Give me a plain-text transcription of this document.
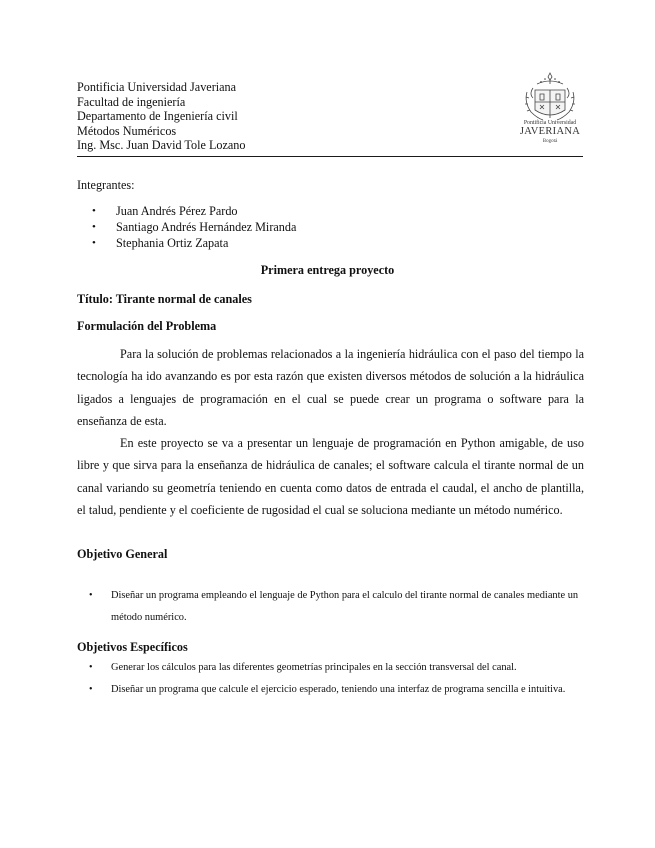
Pontificia Universidad Javeriana
Facultad de ingeniería
Departamento de Ingeniería civil
Métodos Numéricos
Ing. Msc. Juan David Tole Lozano
Pontificia Universidad
JAVERIANA
Bogotá
Integrantes:
• Juan Andrés Pérez Pardo
• Santiago Andrés Hernández Miranda
• Stephania Ortiz Zapata
Primera entrega proyecto
Título: Tirante normal de canales
Formulación del Problema

Para la solución de problemas relacionados a la ingeniería hidráulica con el paso del tiempo la tecnología ha ido avanzando es por esta razón que existen diversos métodos de solución a la hidráulica ligados a lenguajes de programación en el cual se puede crear un programa o software para la enseñanza de esta.

En este proyecto se va a presentar un lenguaje de programación en Python amigable, de uso libre y que sirva para la enseñanza de hidráulica de canales; el software calcula el tirante normal de un canal variando su geometría teniendo en cuenta como datos de entrada el caudal, el ancho de plantilla, el talud, pendiente y el coeficiente de rugosidad el cual se soluciona mediante un método numérico.

Objetivo General
• Diseñar un programa empleando el lenguaje de Python para el calculo del tirante normal de canales mediante un método numérico.
Objetivos Específicos
• Generar los cálculos para las diferentes geometrías principales en la sección transversal del canal.
• Diseñar un programa que calcule el ejercicio esperado, teniendo una interfaz de programa sencilla e intuitiva.
